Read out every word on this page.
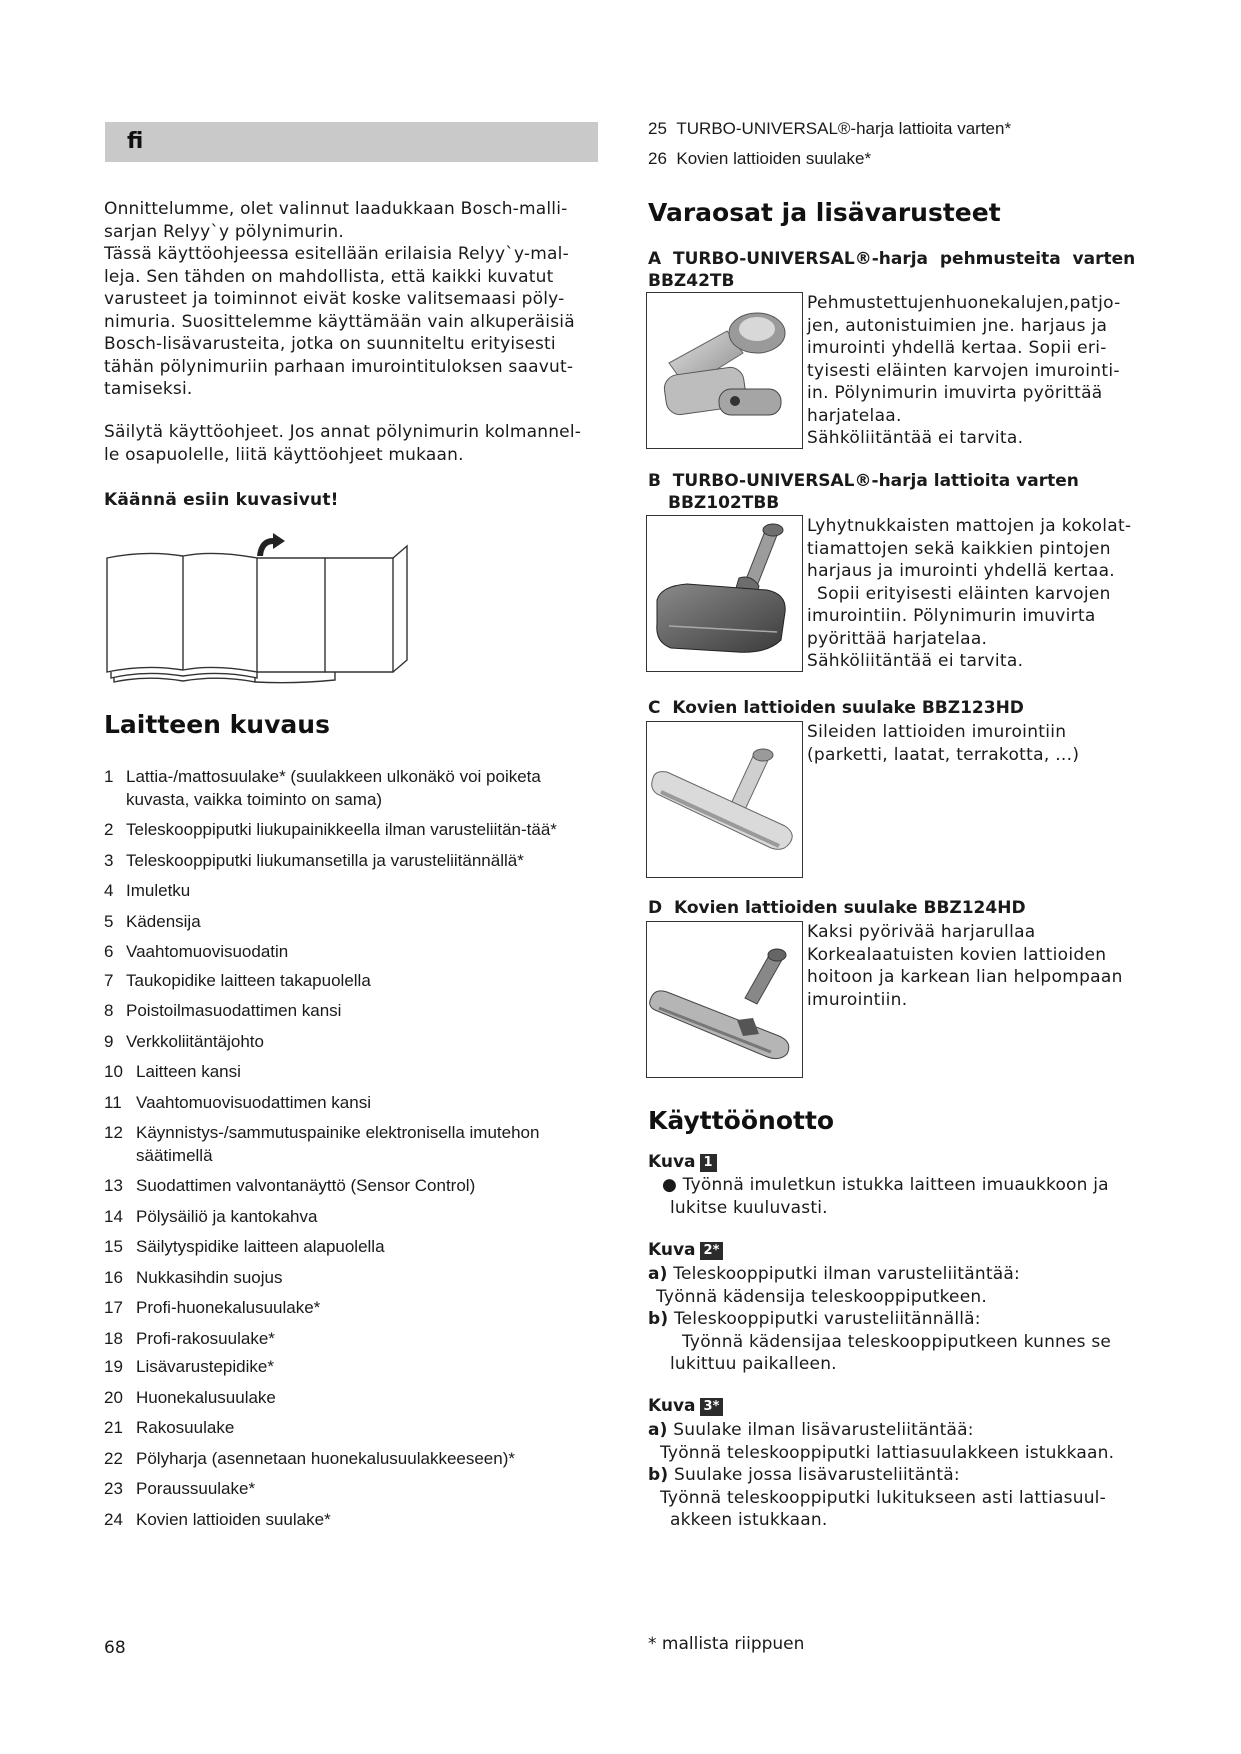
fi
Onnittelumme, olet valinnut laadukkaan Bosch-malli-
sarjan Relyy`y pölynimurin.
Tässä käyttöohjeessa esitellään erilaisia Relyy`y-mal-
leja. Sen tähden on mahdollista, että kaikki kuvatut
varusteet ja toiminnot eivät koske valitsemaasi pöly-
nimuria. Suosittelemme käyttämään vain alkuperäisiä
Bosch-lisävarusteita, jotka on suunniteltu erityisesti
tähän pölynimuriin parhaan imurointituloksen saavut-
tamiseksi.
Säilytä käyttöohjeet. Jos annat pölynimurin kolmannel-
le osapuolelle, liitä käyttöohjeet mukaan.
Käännä esiin kuvasivut!
Laitteen kuvaus
1 Lattia-/mattosuulake* (suulakkeen ulkonäkö voi poiketa kuvasta, vaikka toiminto on sama)
2 Teleskooppiputki liukupainikkeella ilman varusteliitän-tää*
3 Teleskooppiputki liukumansetilla ja varusteliitännällä*
4 Imuletku
5 Kädensija
6 Vaahtomuovisuodatin
7 Taukopidike laitteen takapuolella
8 Poistoilmasuodattimen kansi
9 Verkkoliitäntäjohto
10 Laitteen kansi
11 Vaahtomuovisuodattimen kansi
12 Käynnistys-/sammutuspainike elektronisella imutehon säätimellä
13 Suodattimen valvontanäyttö (Sensor Control)
14 Pölysäiliö ja kantokahva
15 Säilytyspidike laitteen alapuolella
16 Nukkasihdin suojus
17 Profi-huonekalusuulake*
18 Profi-rakosuulake*
19 Lisävarustepidike*
20 Huonekalusuulake
21 Rakosuulake
22 Pölyharja (asennetaan huonekalusuulakkeeseen)*
23 Poraussuulake*
24 Kovien lattioiden suulake*
25 TURBO-UNIVERSAL®-harja lattioita varten*
26 Kovien lattioiden suulake*
Varaosat ja lisävarusteet
A  TURBO-UNIVERSAL®-harja  pehmusteita  varten
BBZ42TB
Pehmustettujenhuonekalujen,patjo-
jen, autonistuimien jne. harjaus ja
imurointi yhdellä kertaa. Sopii eri-
tyisesti eläinten karvojen imurointi-
in. Pölynimurin imuvirta pyörittää
harjatelaa.
Sähköliitäntää ei tarvita.
B  TURBO-UNIVERSAL®-harja lattioita varten
BBZ102TBB
Lyhytnukkaisten mattojen ja kokolat-
tiamattojen sekä kaikkien pintojen
harjaus ja imurointi yhdellä kertaa.
Sopii erityisesti eläinten karvojen
imurointiin. Pölynimurin imuvirta
pyörittää harjatelaa.
Sähköliitäntää ei tarvita.
C  Kovien lattioiden suulake BBZ123HD
Sileiden lattioiden imurointiin
(parketti, laatat, terrakotta, ...)
D  Kovien lattioiden suulake BBZ124HD
Kaksi pyörivää harjarullaa
Korkealaatuisten kovien lattioiden
hoitoon ja karkean lian helpompaan
imurointiin.
Käyttöönotto
Kuva 1
● Työnnä imuletkun istukka laitteen imuaukkoon ja
lukitse kuuluvasti.
Kuva 2*
a) Teleskooppiputki ilman varusteliitäntää:
Työnnä kädensija teleskooppiputkeen.
b) Teleskooppiputki varusteliitännällä:
Työnnä kädensijaa teleskooppiputkeen kunnes se
lukittuu paikalleen.
Kuva 3*
a) Suulake ilman lisävarusteliitäntää:
Työnnä teleskooppiputki lattiasuulakkeen istukkaan.
b) Suulake jossa lisävarusteliitäntä:
Työnnä teleskooppiputki lukitukseen asti lattiasuul-
akkeen istukkaan.
68	* mallista riippuen
